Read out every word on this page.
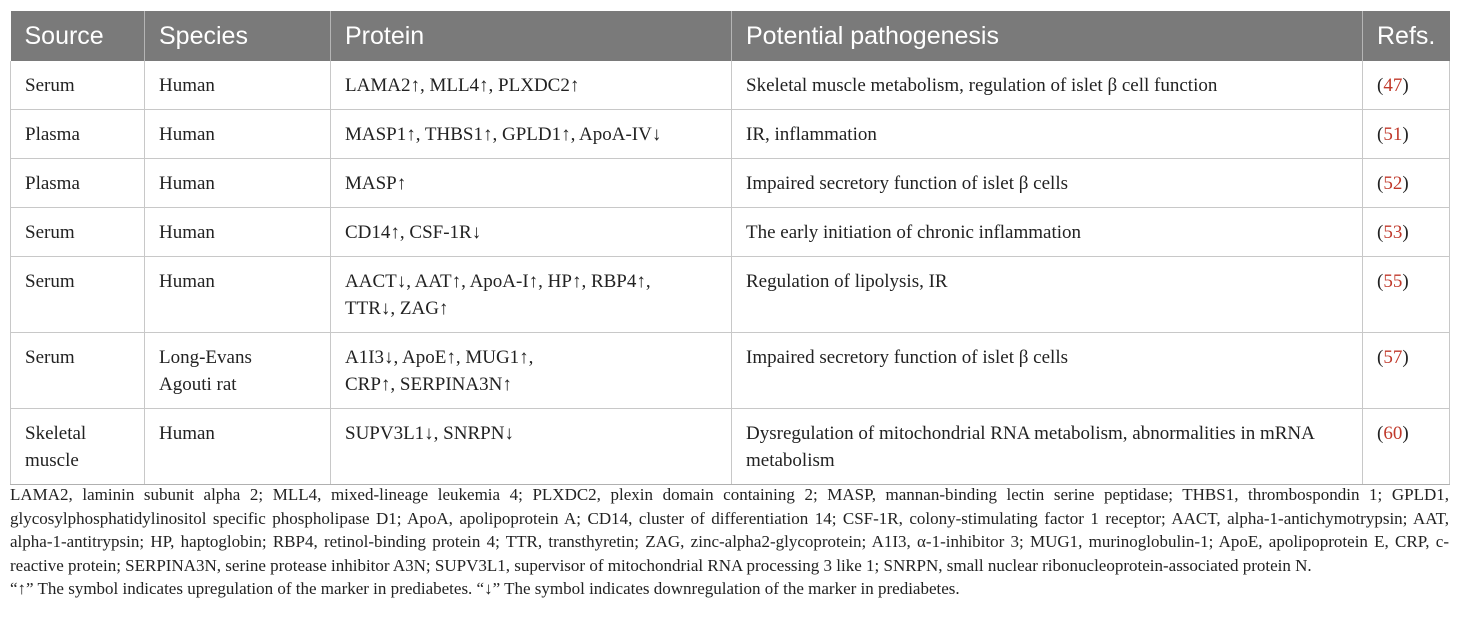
Source	Species	Protein	Potential pathogenesis	Refs.
Serum	Human	LAMA2↑, MLL4↑, PLXDC2↑	Skeletal muscle metabolism, regulation of islet β cell function	(47)
Plasma	Human	MASP1↑, THBS1↑, GPLD1↑, ApoA-IV↓	IR, inflammation	(51)
Plasma	Human	MASP↑	Impaired secretory function of islet β cells	(52)
Serum	Human	CD14↑, CSF-1R↓	The early initiation of chronic inflammation	(53)
Serum	Human	AACT↓, AAT↑, ApoA-I↑, HP↑, RBP4↑, TTR↓, ZAG↑	Regulation of lipolysis, IR	(55)
Serum	Long-Evans Agouti rat	A1I3↓, ApoE↑, MUG1↑, CRP↑, SERPINA3N↑	Impaired secretory function of islet β cells	(57)
Skeletal muscle	Human	SUPV3L1↓, SNRPN↓	Dysregulation of mitochondrial RNA metabolism, abnormalities in mRNA metabolism	(60)

LAMA2, laminin subunit alpha 2; MLL4, mixed-lineage leukemia 4; PLXDC2, plexin domain containing 2; MASP, mannan-binding lectin serine peptidase; THBS1, thrombospondin 1; GPLD1, glycosylphosphatidylinositol specific phospholipase D1; ApoA, apolipoprotein A; CD14, cluster of differentiation 14; CSF-1R, colony-stimulating factor 1 receptor; AACT, alpha-1-antichymotrypsin; AAT, alpha-1-antitrypsin; HP, haptoglobin; RBP4, retinol-binding protein 4; TTR, transthyretin; ZAG, zinc-alpha2-glycoprotein; A1I3, α-1-inhibitor 3; MUG1, murinoglobulin-1; ApoE, apolipoprotein E, CRP, c-reactive protein; SERPINA3N, serine protease inhibitor A3N; SUPV3L1, supervisor of mitochondrial RNA processing 3 like 1; SNRPN, small nuclear ribonucleoprotein-associated protein N.

“↑” The symbol indicates upregulation of the marker in prediabetes. “↓” The symbol indicates downregulation of the marker in prediabetes.
